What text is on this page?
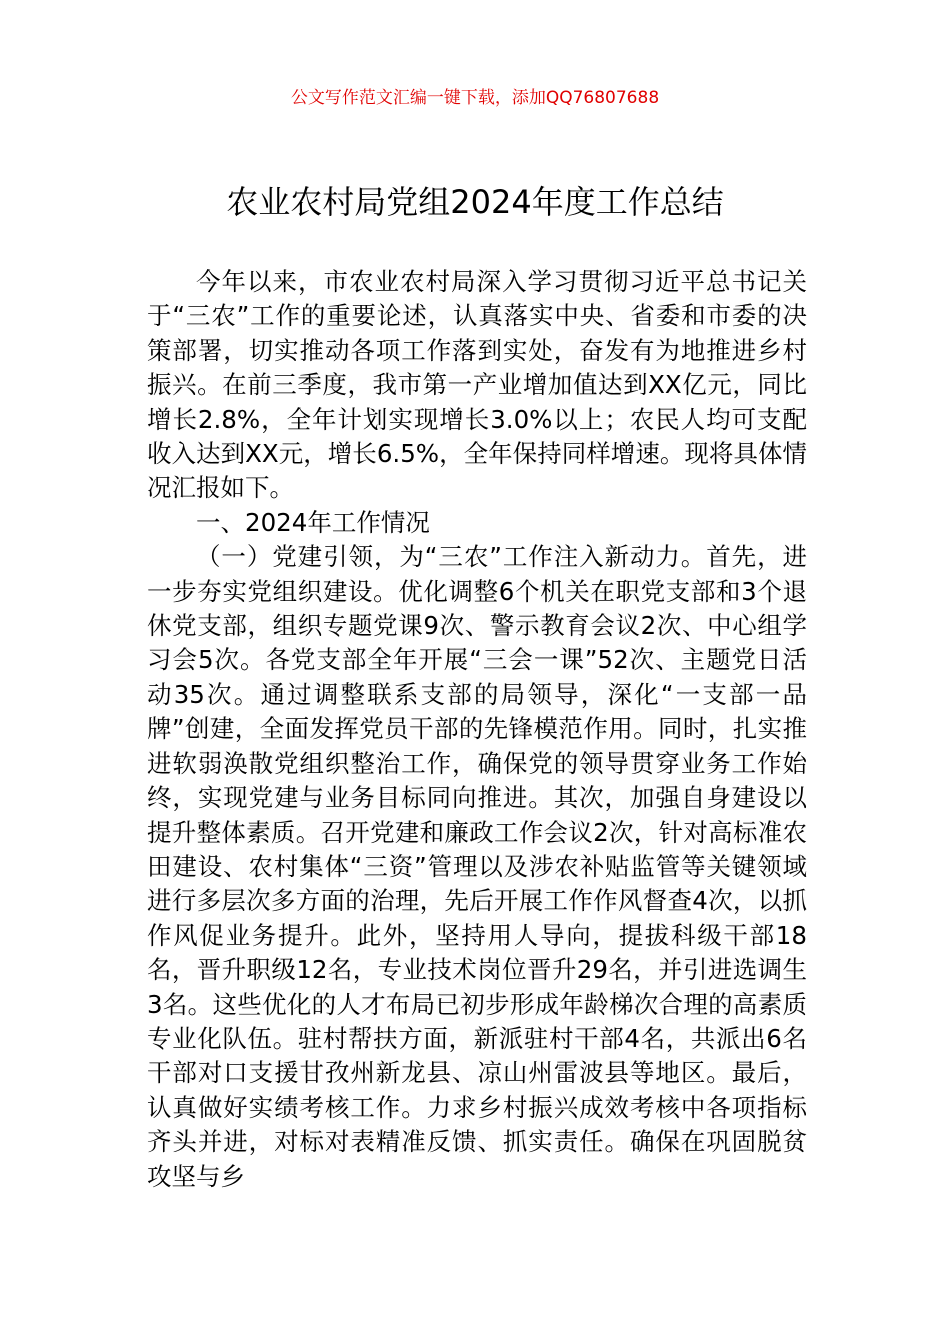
公文写作范文汇编一键下载，添加QQ76807688
农业农村局党组2024年度工作总结

今年以来，市农业农村局深入学习贯彻习近平总书记关于“三农”工作的重要论述，认真落实中央、省委和市委的决策部署，切实推动各项工作落到实处，奋发有为地推进乡村振兴。在前三季度，我市第一产业增加值达到XX亿元，同比增长2.8%，全年计划实现增长3.0%以上；农民人均可支配收入达到XX元，增长6.5%，全年保持同样增速。现将具体情况汇报如下。

一、2024年工作情况

（一）党建引领，为“三农”工作注入新动力。首先，进一步夯实党组织建设。优化调整6个机关在职党支部和3个退休党支部，组织专题党课9次、警示教育会议2次、中心组学习会5次。各党支部全年开展“三会一课”52次、主题党日活动35次。通过调整联系支部的局领导，深化“一支部一品牌”创建，全面发挥党员干部的先锋模范作用。同时，扎实推进软弱涣散党组织整治工作，确保党的领导贯穿业务工作始终，实现党建与业务目标同向推进。其次，加强自身建设以提升整体素质。召开党建和廉政工作会议2次，针对高标准农田建设、农村集体“三资”管理以及涉农补贴监管等关键领域进行多层次多方面的治理，先后开展工作作风督查4次，以抓作风促业务提升。此外，坚持用人导向，提拔科级干部18名，晋升职级12名，专业技术岗位晋升29名，并引进选调生3名。这些优化的人才布局已初步形成年龄梯次合理的高素质专业化队伍。驻村帮扶方面，新派驻村干部4名，共派出6名干部对口支援甘孜州新龙县、凉山州雷波县等地区。最后，认真做好实绩考核工作。力求乡村振兴成效考核中各项指标齐头并进，对标对表精准反馈、抓实责任。确保在巩固脱贫攻坚与乡
